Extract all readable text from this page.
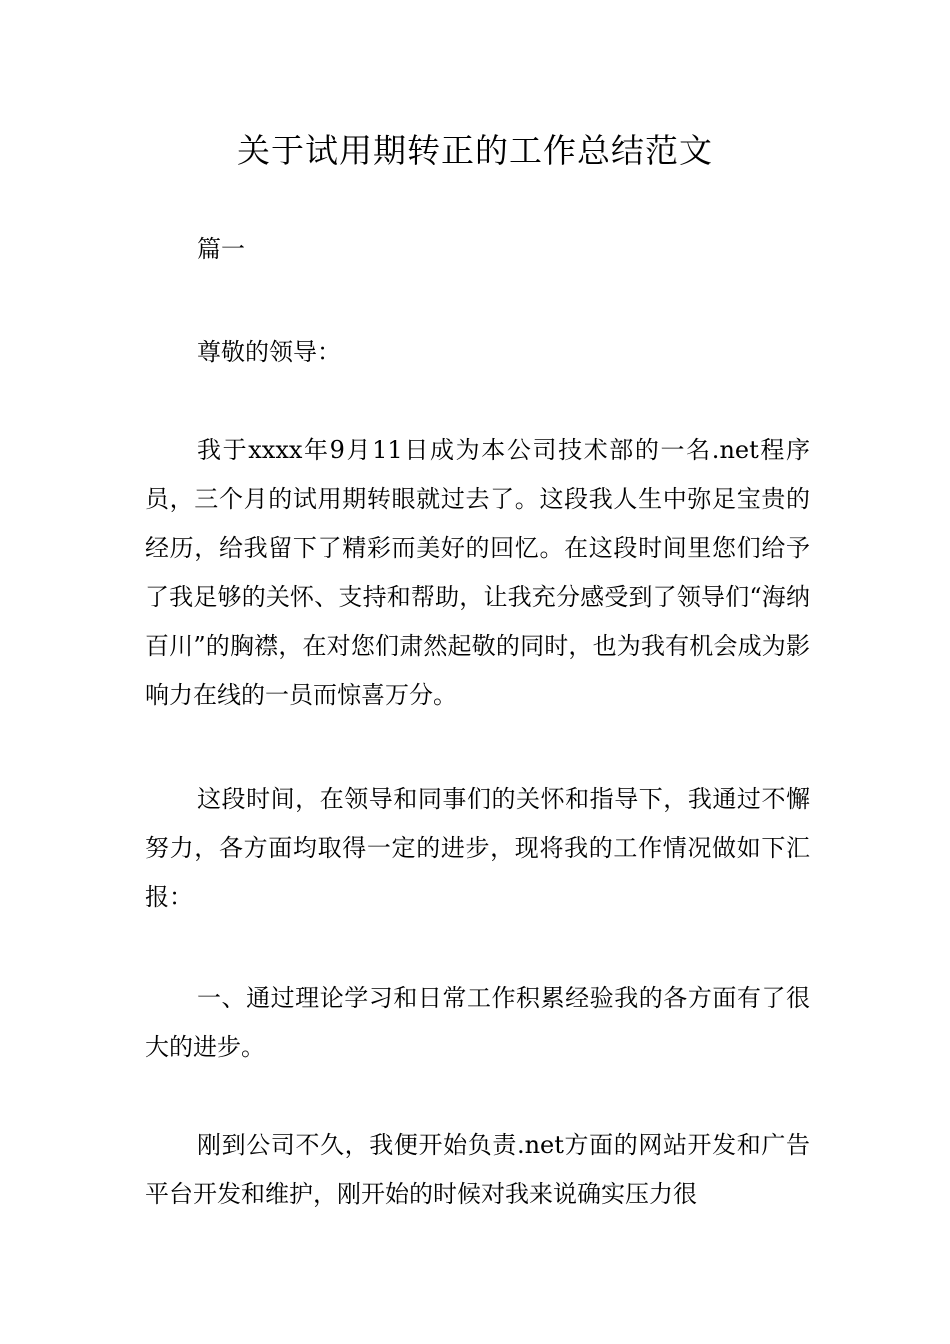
关于试用期转正的工作总结范文

篇一

尊敬的领导：

我于xxxx年9月11日成为本公司技术部的一名.net程序员，三个月的试用期转眼就过去了。这段我人生中弥足宝贵的经历，给我留下了精彩而美好的回忆。在这段时间里您们给予了我足够的关怀、支持和帮助，让我充分感受到了领导们“海纳百川”的胸襟，在对您们肃然起敬的同时，也为我有机会成为影响力在线的一员而惊喜万分。

这段时间，在领导和同事们的关怀和指导下，我通过不懈努力，各方面均取得一定的进步，现将我的工作情况做如下汇报：

一、通过理论学习和日常工作积累经验我的各方面有了很大的进步。

刚到公司不久，我便开始负责.net方面的网站开发和广告平台开发和维护，刚开始的时候对我来说确实压力很
